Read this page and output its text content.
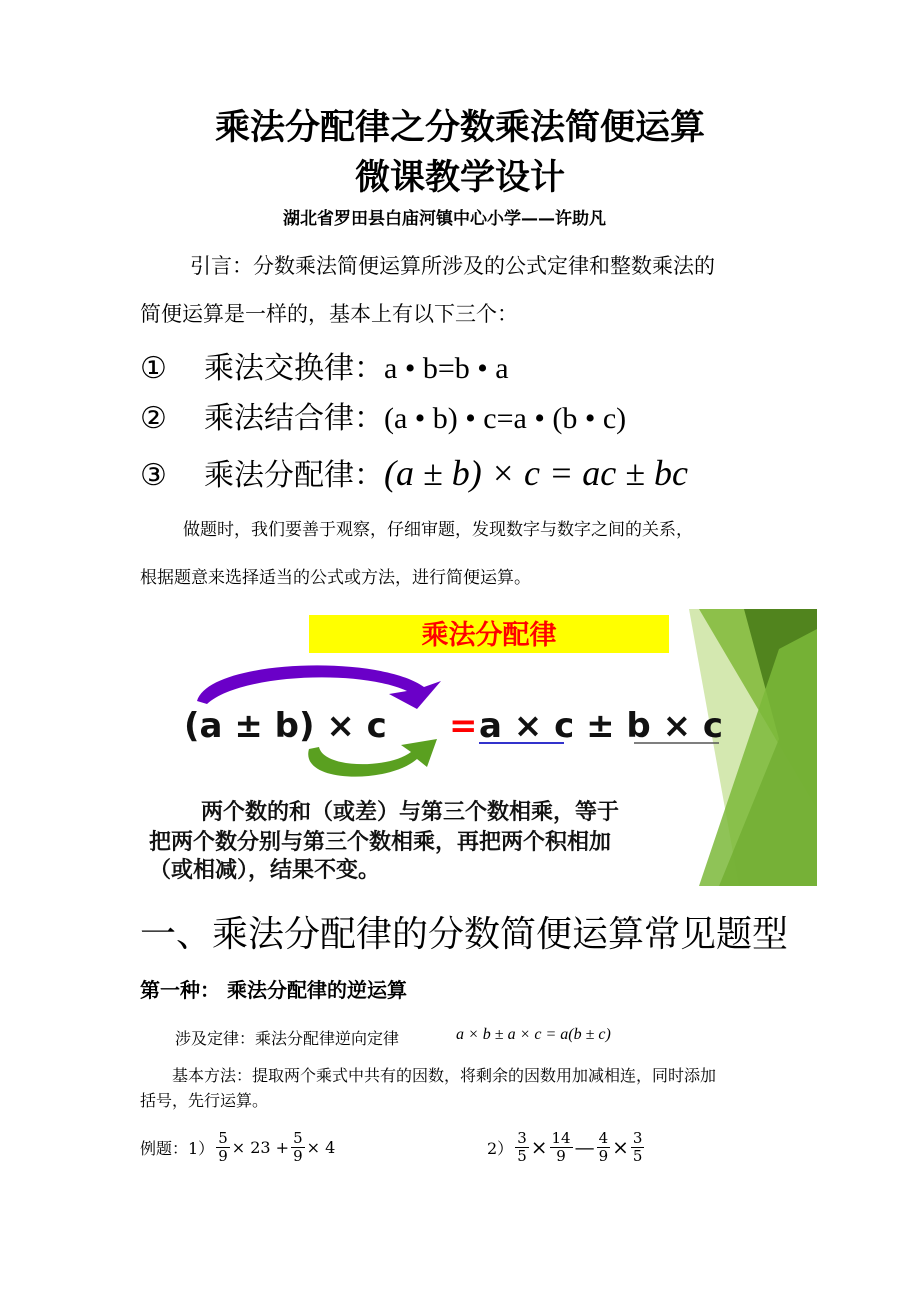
乘法分配律之分数乘法简便运算
微课教学设计
湖北省罗田县白庙河镇中心小学——许助凡
引言：分数乘法简便运算所涉及的公式定律和整数乘法的
简便运算是一样的，基本上有以下三个：
① 乘法交换律：a • b=b • a
② 乘法结合律：(a • b) • c=a • (b • c)
③ 乘法分配律：(a ± b) × c = ac ± bc
做题时，我们要善于观察，仔细审题，发现数字与数字之间的关系，
根据题意来选择适当的公式或方法，进行简便运算。
乘法分配律
(a ± b) × c = a × c ± b × c
两个数的和（或差）与第三个数相乘，等于
把两个数分别与第三个数相乘，再把两个积相加
（或相减），结果不变。
一、乘法分配律的分数简便运算常见题型
第一种： 乘法分配律的逆运算
涉及定律：乘法分配律逆向定律	a × b ± a × c = a(b ± c)
基本方法：提取两个乘式中共有的因数，将剩余的因数用加减相连，同时添加
括号，先行运算。
例题：$1) \frac{5}{9} \times 23 + \frac{5}{9} \times 4$	$2) \frac{3}{5} \times \frac{14}{9}$ — $\frac{4}{9} \times \frac{3}{5}$
